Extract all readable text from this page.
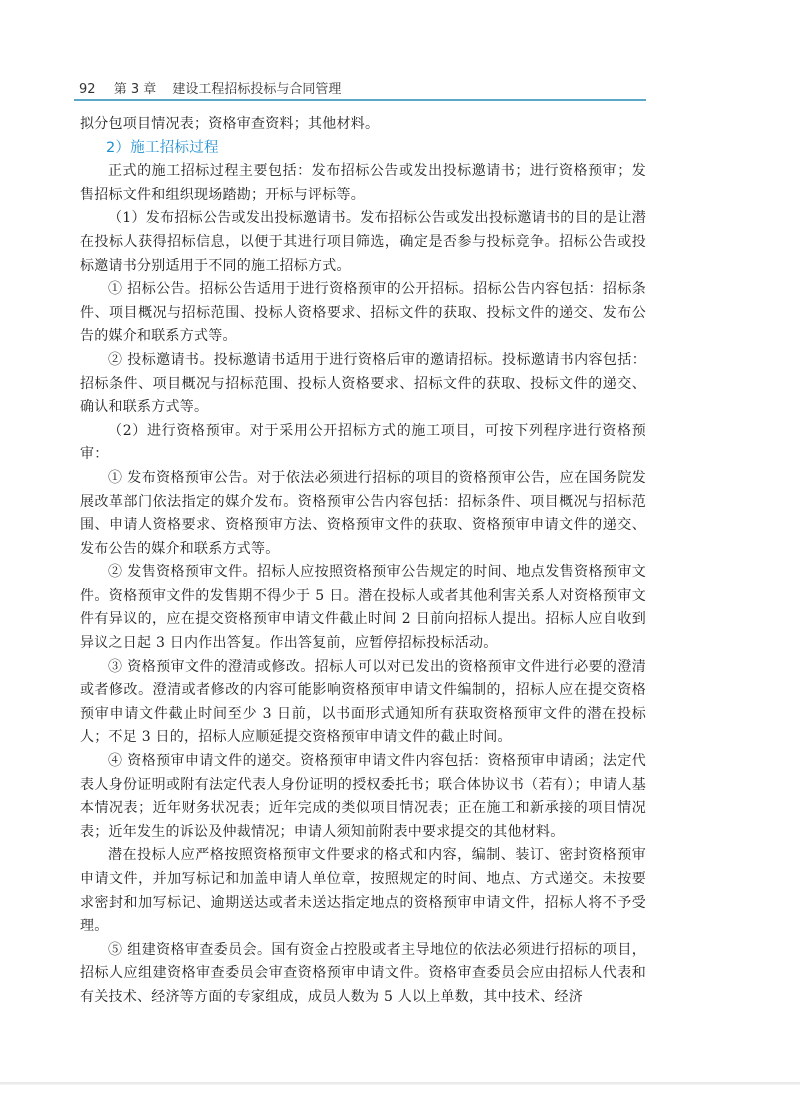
92 第 3 章 建设工程招标投标与合同管理

拟分包项目情况表；资格审查资料；其他材料。

2）施工招标过程

正式的施工招标过程主要包括：发布招标公告或发出投标邀请书；进行资格预审；发售招标文件和组织现场踏勘；开标与评标等。

（1）发布招标公告或发出投标邀请书。发布招标公告或发出投标邀请书的目的是让潜在投标人获得招标信息，以便于其进行项目筛选，确定是否参与投标竞争。招标公告或投标邀请书分别适用于不同的施工招标方式。

① 招标公告。招标公告适用于进行资格预审的公开招标。招标公告内容包括：招标条件、项目概况与招标范围、投标人资格要求、招标文件的获取、投标文件的递交、发布公告的媒介和联系方式等。

② 投标邀请书。投标邀请书适用于进行资格后审的邀请招标。投标邀请书内容包括：招标条件、项目概况与招标范围、投标人资格要求、招标文件的获取、投标文件的递交、确认和联系方式等。

（2）进行资格预审。对于采用公开招标方式的施工项目，可按下列程序进行资格预审：

① 发布资格预审公告。对于依法必须进行招标的项目的资格预审公告，应在国务院发展改革部门依法指定的媒介发布。资格预审公告内容包括：招标条件、项目概况与招标范围、申请人资格要求、资格预审方法、资格预审文件的获取、资格预审申请文件的递交、发布公告的媒介和联系方式等。

② 发售资格预审文件。招标人应按照资格预审公告规定的时间、地点发售资格预审文件。资格预审文件的发售期不得少于 5 日。潜在投标人或者其他利害关系人对资格预审文件有异议的，应在提交资格预审申请文件截止时间 2 日前向招标人提出。招标人应自收到异议之日起 3 日内作出答复。作出答复前，应暂停招标投标活动。

③ 资格预审文件的澄清或修改。招标人可以对已发出的资格预审文件进行必要的澄清或者修改。澄清或者修改的内容可能影响资格预审申请文件编制的，招标人应在提交资格预审申请文件截止时间至少 3 日前，以书面形式通知所有获取资格预审文件的潜在投标人；不足 3 日的，招标人应顺延提交资格预审申请文件的截止时间。

④ 资格预审申请文件的递交。资格预审申请文件内容包括：资格预审申请函；法定代表人身份证明或附有法定代表人身份证明的授权委托书；联合体协议书（若有）；申请人基本情况表；近年财务状况表；近年完成的类似项目情况表；正在施工和新承接的项目情况表；近年发生的诉讼及仲裁情况；申请人须知前附表中要求提交的其他材料。

潜在投标人应严格按照资格预审文件要求的格式和内容，编制、装订、密封资格预审申请文件，并加写标记和加盖申请人单位章，按照规定的时间、地点、方式递交。未按要求密封和加写标记、逾期送达或者未送达指定地点的资格预审申请文件，招标人将不予受理。

⑤ 组建资格审查委员会。国有资金占控股或者主导地位的依法必须进行招标的项目，招标人应组建资格审查委员会审查资格预审申请文件。资格审查委员会应由招标人代表和有关技术、经济等方面的专家组成，成员人数为 5 人以上单数，其中技术、经济
